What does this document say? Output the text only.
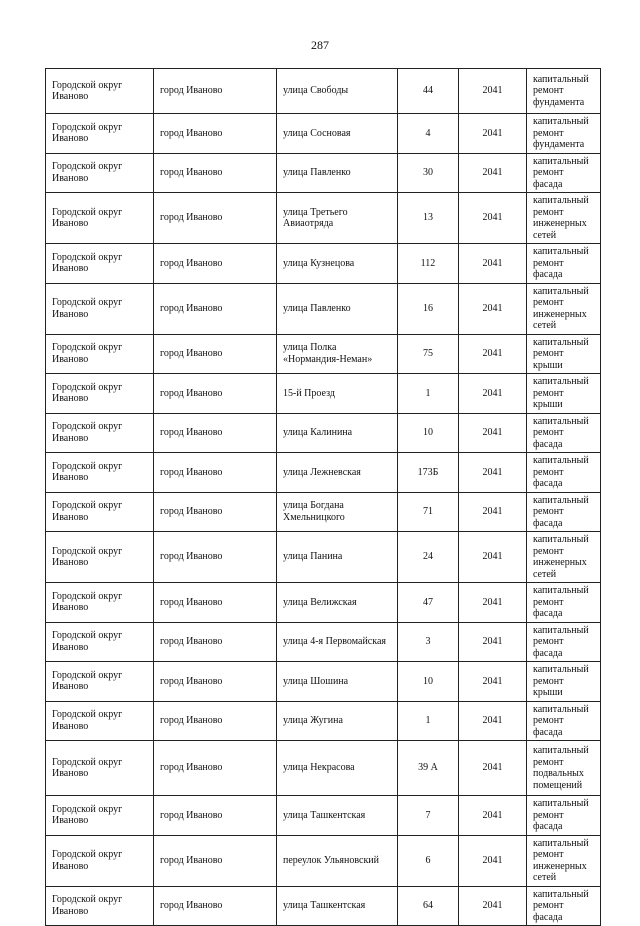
287
Городской округ Иваново	город Иваново	улица Свободы	44	2041	капитальный ремонт фундамента
Городской округ Иваново	город Иваново	улица Сосновая	4	2041	капитальный ремонт фундамента
Городской округ Иваново	город Иваново	улица Павленко	30	2041	капитальный ремонт фасада
Городской округ Иваново	город Иваново	улица Третьего Авиаотряда	13	2041	капитальный ремонт инженерных сетей
Городской округ Иваново	город Иваново	улица Кузнецова	112	2041	капитальный ремонт фасада
Городской округ Иваново	город Иваново	улица Павленко	16	2041	капитальный ремонт инженерных сетей
Городской округ Иваново	город Иваново	улица Полка «Нормандия-Неман»	75	2041	капитальный ремонт крыши
Городской округ Иваново	город Иваново	15-й Проезд	1	2041	капитальный ремонт крыши
Городской округ Иваново	город Иваново	улица Калинина	10	2041	капитальный ремонт фасада
Городской округ Иваново	город Иваново	улица Лежневская	173Б	2041	капитальный ремонт фасада
Городской округ Иваново	город Иваново	улица Богдана Хмельницкого	71	2041	капитальный ремонт фасада
Городской округ Иваново	город Иваново	улица Панина	24	2041	капитальный ремонт инженерных сетей
Городской округ Иваново	город Иваново	улица Велижская	47	2041	капитальный ремонт фасада
Городской округ Иваново	город Иваново	улица 4-я Первомайская	3	2041	капитальный ремонт фасада
Городской округ Иваново	город Иваново	улица Шошина	10	2041	капитальный ремонт крыши
Городской округ Иваново	город Иваново	улица Жугина	1	2041	капитальный ремонт фасада
Городской округ Иваново	город Иваново	улица Некрасова	39 А	2041	капитальный ремонт подвальных помещений
Городской округ Иваново	город Иваново	улица Ташкентская	7	2041	капитальный ремонт фасада
Городской округ Иваново	город Иваново	переулок Ульяновский	6	2041	капитальный ремонт инженерных сетей
Городской округ Иваново	город Иваново	улица Ташкентская	64	2041	капитальный ремонт фасада
